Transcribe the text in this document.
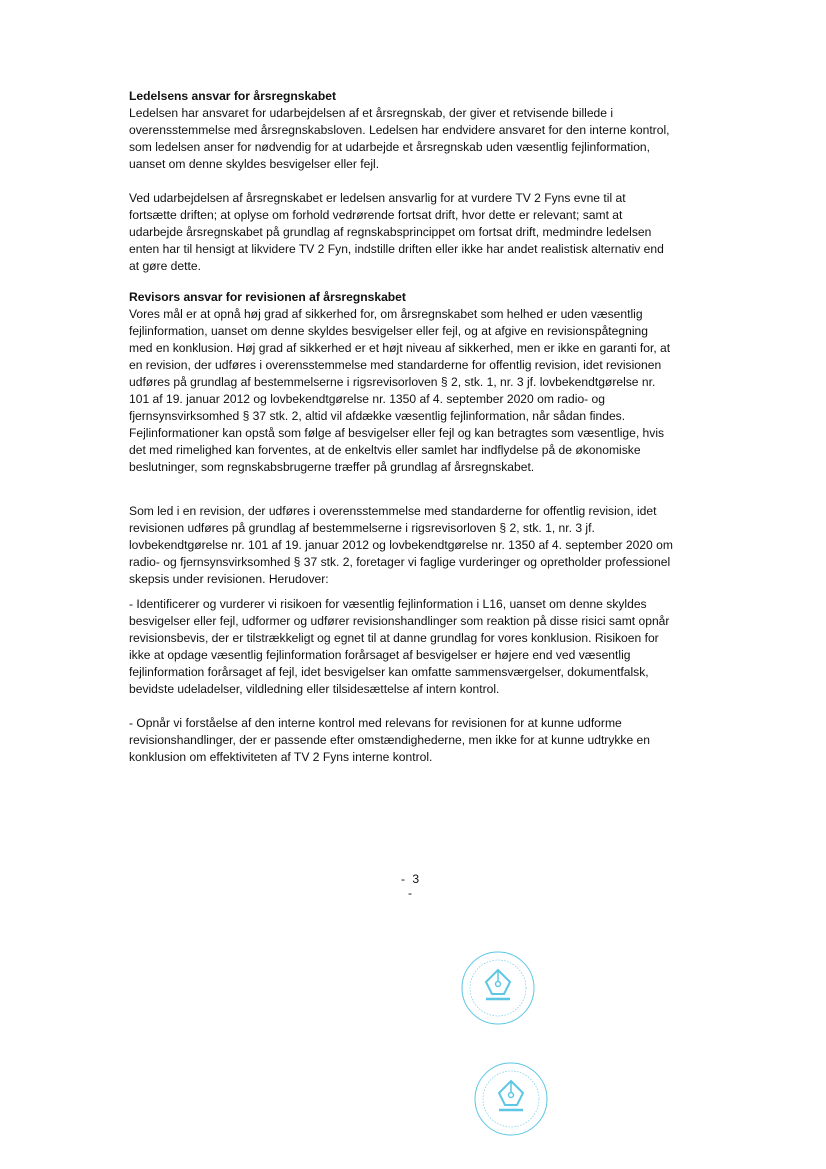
Ledelsens ansvar for årsregnskabet

Ledelsen har ansvaret for udarbejdelsen af et årsregnskab, der giver et retvisende billede i overensstemmelse med årsregnskabsloven. Ledelsen har endvidere ansvaret for den interne kontrol, som ledelsen anser for nødvendig for at udarbejde et årsregnskab uden væsentlig fejlinformation, uanset om denne skyldes besvigelser eller fejl.

Ved udarbejdelsen af årsregnskabet er ledelsen ansvarlig for at vurdere TV 2 Fyns evne til at fortsætte driften; at oplyse om forhold vedrørende fortsat drift, hvor dette er relevant; samt at udarbejde årsregnskabet på grundlag af regnskabsprincippet om fortsat drift, medmindre ledelsen enten har til hensigt at likvidere TV 2 Fyn, indstille driften eller ikke har andet realistisk alternativ end at gøre dette.

Revisors ansvar for revisionen af årsregnskabet

Vores mål er at opnå høj grad af sikkerhed for, om årsregnskabet som helhed er uden væsentlig fejlinformation, uanset om denne skyldes besvigelser eller fejl, og at afgive en revisionspåtegning med en konklusion. Høj grad af sikkerhed er et højt niveau af sikkerhed, men er ikke en garanti for, at en revision, der udføres i overensstemmelse med standarderne for offentlig revision, idet revisionen udføres på grundlag af bestemmelserne i rigsrevisorloven § 2, stk. 1, nr. 3 jf. lovbekendtgørelse nr. 101 af 19. januar 2012 og lovbekendtgørelse nr. 1350 af 4. september 2020 om radio- og fjernsynsvirksomhed § 37 stk. 2, altid vil afdække væsentlig fejlinformation, når sådan findes. Fejlinformationer kan opstå som følge af besvigelser eller fejl og kan betragtes som væsentlige, hvis det med rimelighed kan forventes, at de enkeltvis eller samlet har indflydelse på de økonomiske beslutninger, som regnskabsbrugerne træffer på grundlag af årsregnskabet.

Som led i en revision, der udføres i overensstemmelse med standarderne for offentlig revision, idet revisionen udføres på grundlag af bestemmelserne i rigsrevisorloven § 2, stk. 1, nr. 3 jf. lovbekendtgørelse nr. 101 af 19. januar 2012 og lovbekendtgørelse nr. 1350 af 4. september 2020 om radio- og fjernsynsvirksomhed § 37 stk. 2, foretager vi faglige vurderinger og opretholder professionel skepsis under revisionen. Herudover:

- Identificerer og vurderer vi risikoen for væsentlig fejlinformation i L16, uanset om denne skyldes besvigelser eller fejl, udformer og udfører revisionshandlinger som reaktion på disse risici samt opnår revisionsbevis, der er tilstrækkeligt og egnet til at danne grundlag for vores konklusion. Risikoen for ikke at opdage væsentlig fejlinformation forårsaget af besvigelser er højere end ved væsentlig fejlinformation forårsaget af fejl, idet besvigelser kan omfatte sammensværgelser, dokumentfalsk, bevidste udeladelser, vildledning eller tilsidesættelse af intern kontrol.

- Opnår vi forståelse af den interne kontrol med relevans for revisionen for at kunne udforme revisionshandlinger, der er passende efter omstændighederne, men ikke for at kunne udtrykke en konklusion om effektiviteten af TV 2 Fyns interne kontrol.

- 3 -
